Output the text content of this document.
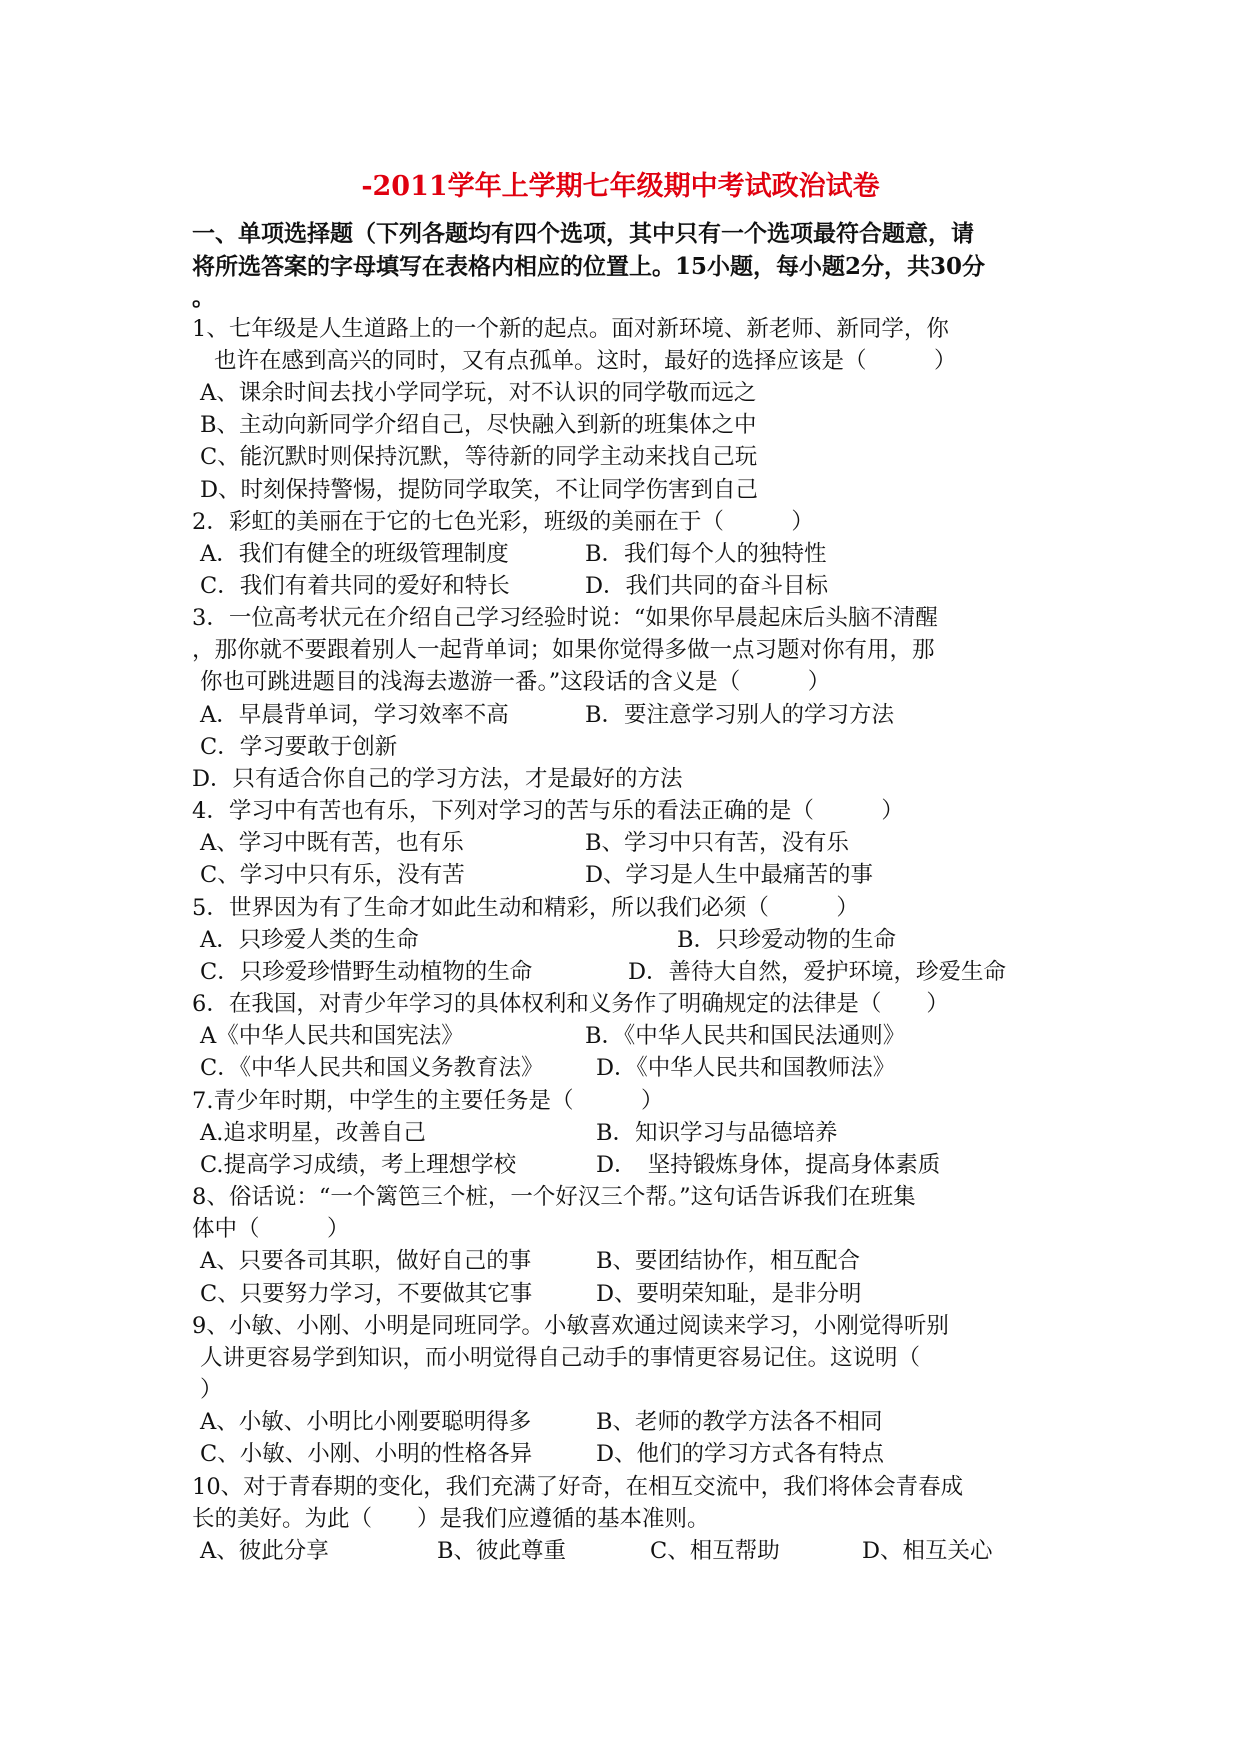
-2011学年上学期七年级期中考试政治试卷
一、单项选择题（下列各题均有四个选项，其中只有一个选项最符合题意，请
将所选答案的字母填写在表格内相应的位置上。15小题，每小题2分，共30分
。
1、七年级是人生道路上的一个新的起点。面对新环境、新老师、新同学，你
也许在感到高兴的同时，又有点孤单。这时，最好的选择应该是（　　　）
A、课余时间去找小学同学玩，对不认识的同学敬而远之
B、主动向新同学介绍自己，尽快融入到新的班集体之中
C、能沉默时则保持沉默，等待新的同学主动来找自己玩
D、时刻保持警惕，提防同学取笑，不让同学伤害到自己
2．彩虹的美丽在于它的七色光彩，班级的美丽在于（　　　）
A．我们有健全的班级管理制度	B．我们每个人的独特性
C．我们有着共同的爱好和特长	D．我们共同的奋斗目标
3．一位高考状元在介绍自己学习经验时说：“如果你早晨起床后头脑不清醒
，那你就不要跟着别人一起背单词；如果你觉得多做一点习题对你有用，那
你也可跳进题目的浅海去遨游一番。”这段话的含义是（　　　）
A．早晨背单词，学习效率不高	B．要注意学习别人的学习方法
C．学习要敢于创新
D．只有适合你自己的学习方法，才是最好的方法
4．学习中有苦也有乐，下列对学习的苦与乐的看法正确的是（　　　）
A、学习中既有苦，也有乐	B、学习中只有苦，没有乐
C、学习中只有乐，没有苦	D、学习是人生中最痛苦的事
5．世界因为有了生命才如此生动和精彩，所以我们必须（　　　）
A．只珍爱人类的生命	B．只珍爱动物的生命
C．只珍爱珍惜野生动植物的生命	D．善待大自然，爱护环境，珍爱生命
6．在我国，对青少年学习的具体权利和义务作了明确规定的法律是（　　）
A《中华人民共和国宪法》	B．《中华人民共和国民法通则》
C．《中华人民共和国义务教育法》 D．《中华人民共和国教师法》
7.青少年时期，中学生的主要任务是（　　　）
A.追求明星，改善自己	B．知识学习与品德培养
C.提高学习成绩，考上理想学校	D．　坚持锻炼身体，提高身体素质
8、俗话说：“一个篱笆三个桩，一个好汉三个帮。”这句话告诉我们在班集
体中（　　　）
A、只要各司其职，做好自己的事	B、要团结协作，相互配合
C、只要努力学习，不要做其它事	D、要明荣知耻，是非分明
9、小敏、小刚、小明是同班同学。小敏喜欢通过阅读来学习，小刚觉得听别
人讲更容易学到知识，而小明觉得自己动手的事情更容易记住。这说明（
）
A、小敏、小明比小刚要聪明得多	B、老师的教学方法各不相同
C、小敏、小刚、小明的性格各异	D、他们的学习方式各有特点
10、对于青春期的变化，我们充满了好奇，在相互交流中，我们将体会青春成
长的美好。为此（　　）是我们应遵循的基本准则。
A、彼此分享	B、彼此尊重	C、相互帮助	D、相互关心
